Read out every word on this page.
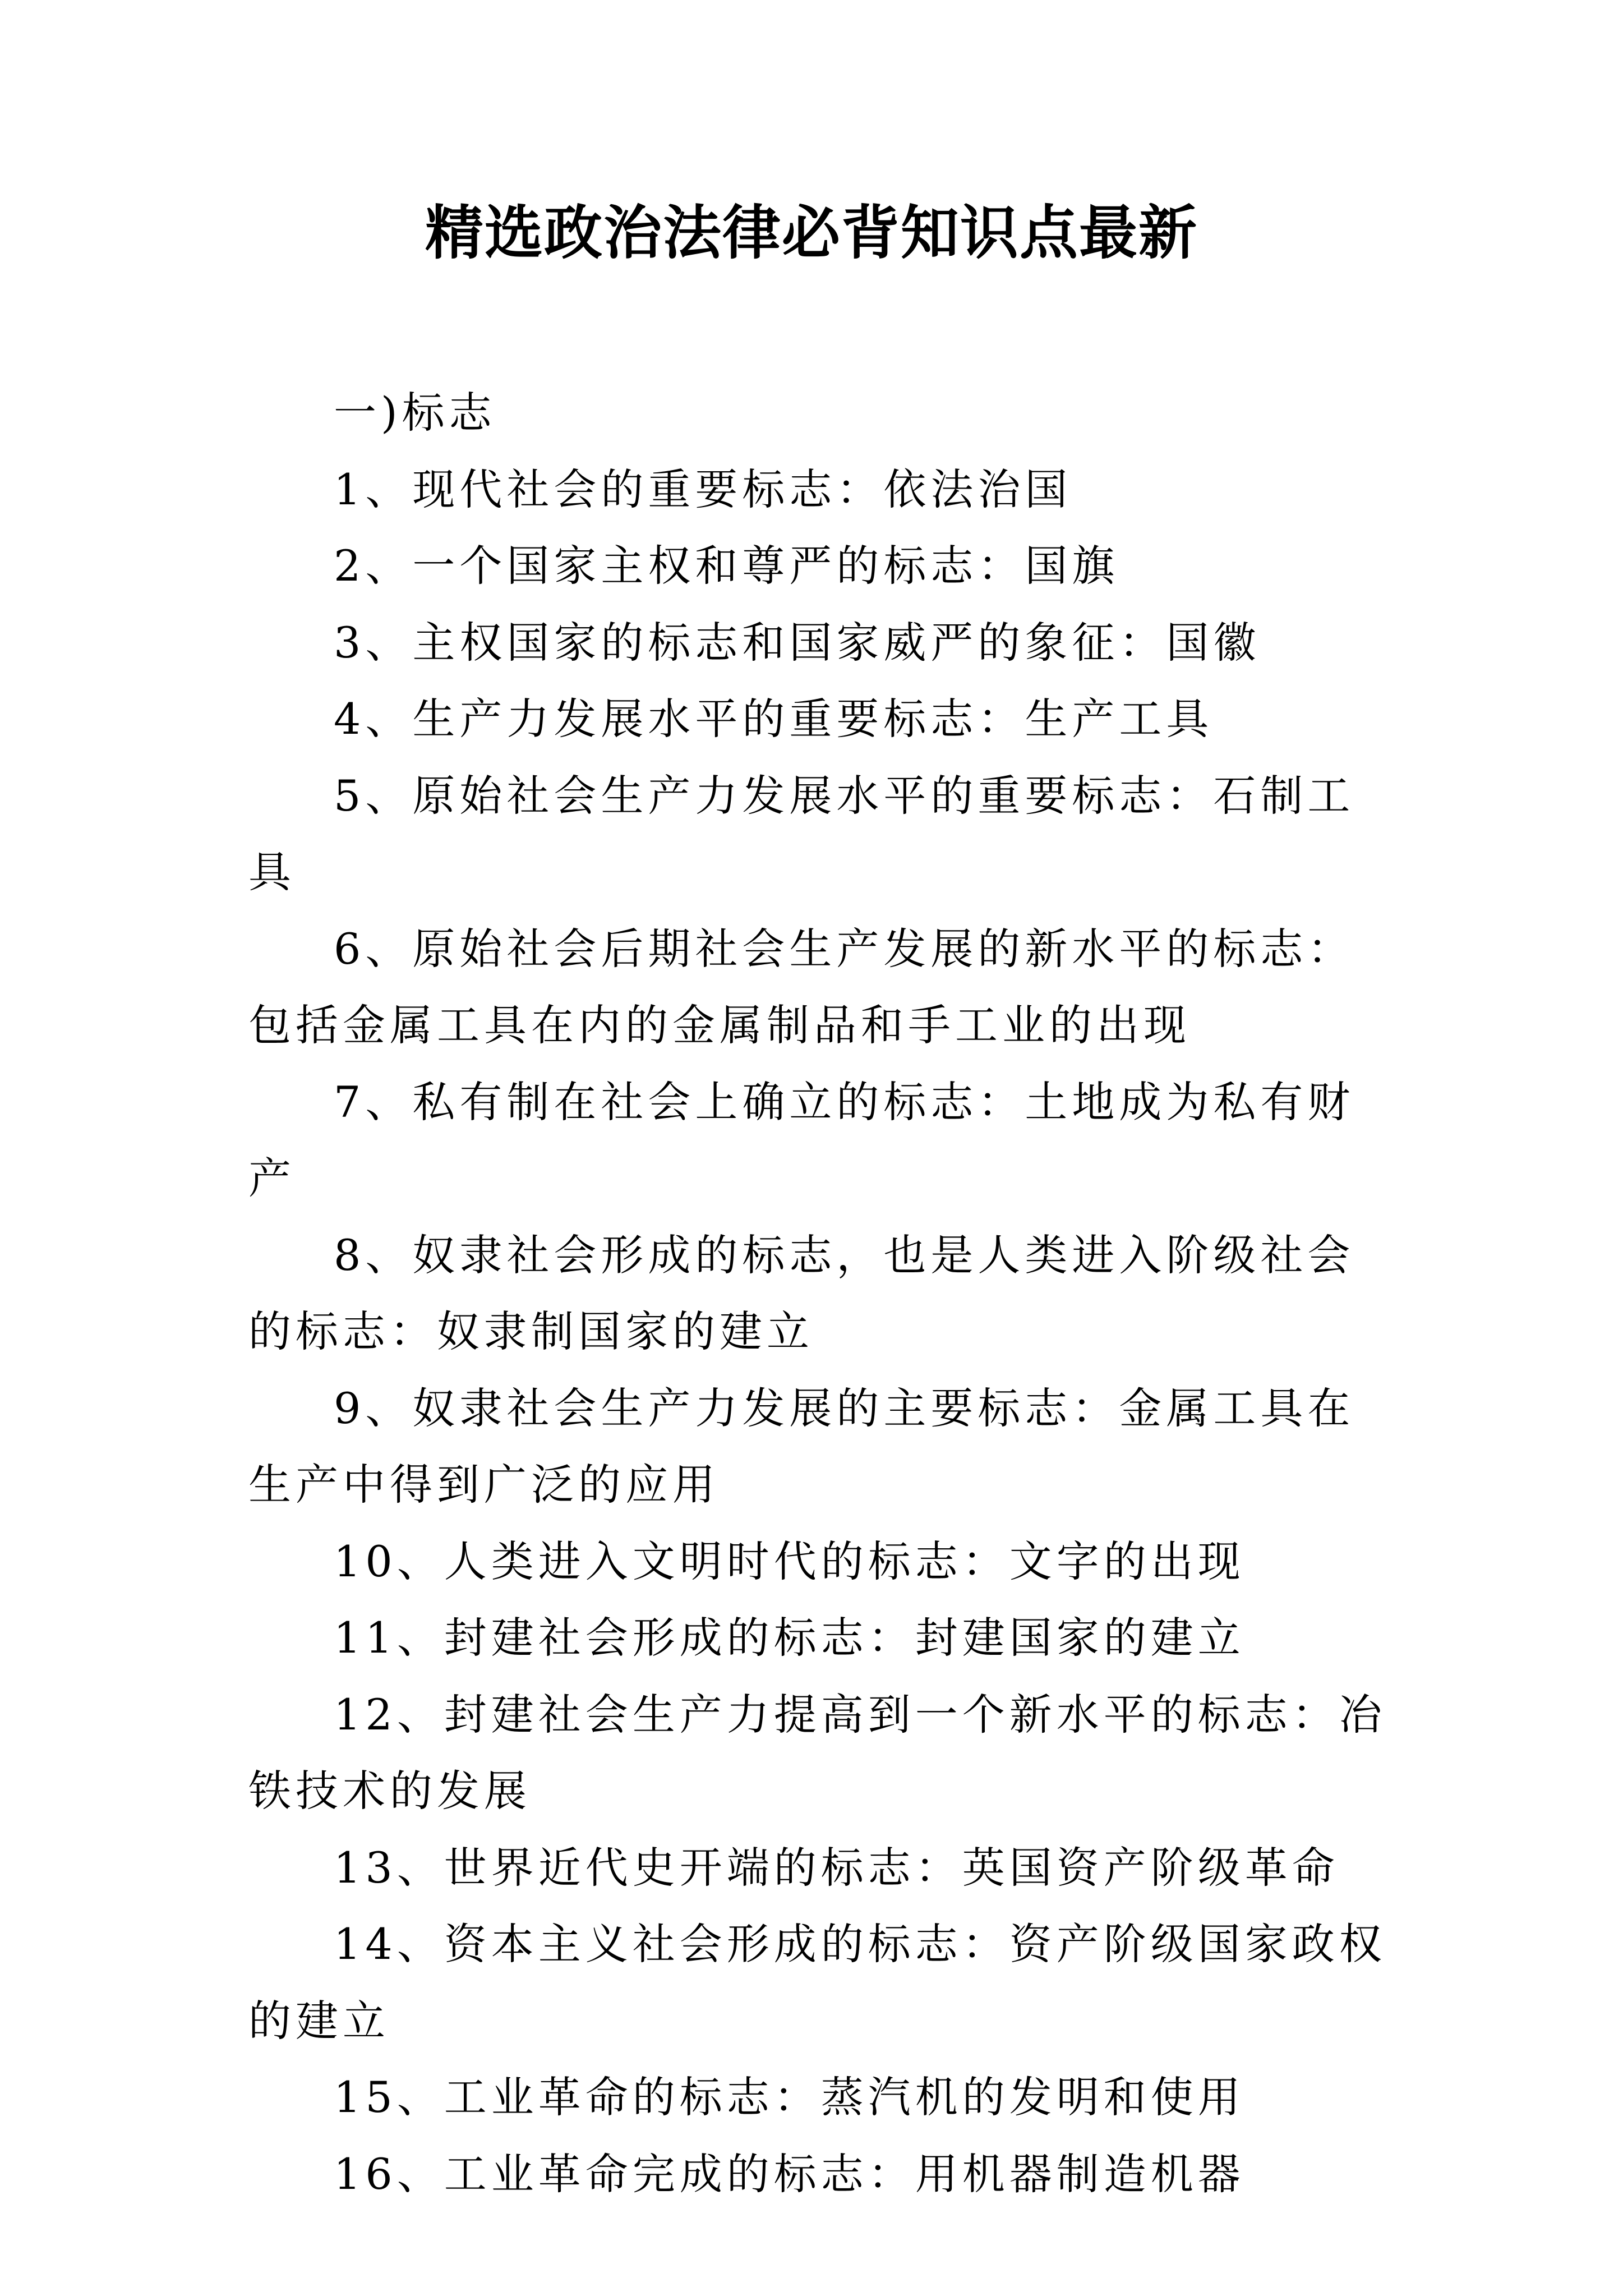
精选政治法律必背知识点最新

一)标志

1、现代社会的重要标志：依法治国

2、一个国家主权和尊严的标志：国旗

3、主权国家的标志和国家威严的象征：国徽

4、生产力发展水平的重要标志：生产工具

5、原始社会生产力发展水平的重要标志：石制工具

6、原始社会后期社会生产发展的新水平的标志：包括金属工具在内的金属制品和手工业的出现

7、私有制在社会上确立的标志：土地成为私有财产

8、奴隶社会形成的标志，也是人类进入阶级社会的标志：奴隶制国家的建立

9、奴隶社会生产力发展的主要标志：金属工具在生产中得到广泛的应用

10、人类进入文明时代的标志：文字的出现

11、封建社会形成的标志：封建国家的建立

12、封建社会生产力提高到一个新水平的标志：冶铁技术的发展

13、世界近代史开端的标志：英国资产阶级革命

14、资本主义社会形成的标志：资产阶级国家政权的建立

15、工业革命的标志：蒸汽机的发明和使用

16、工业革命完成的标志：用机器制造机器
